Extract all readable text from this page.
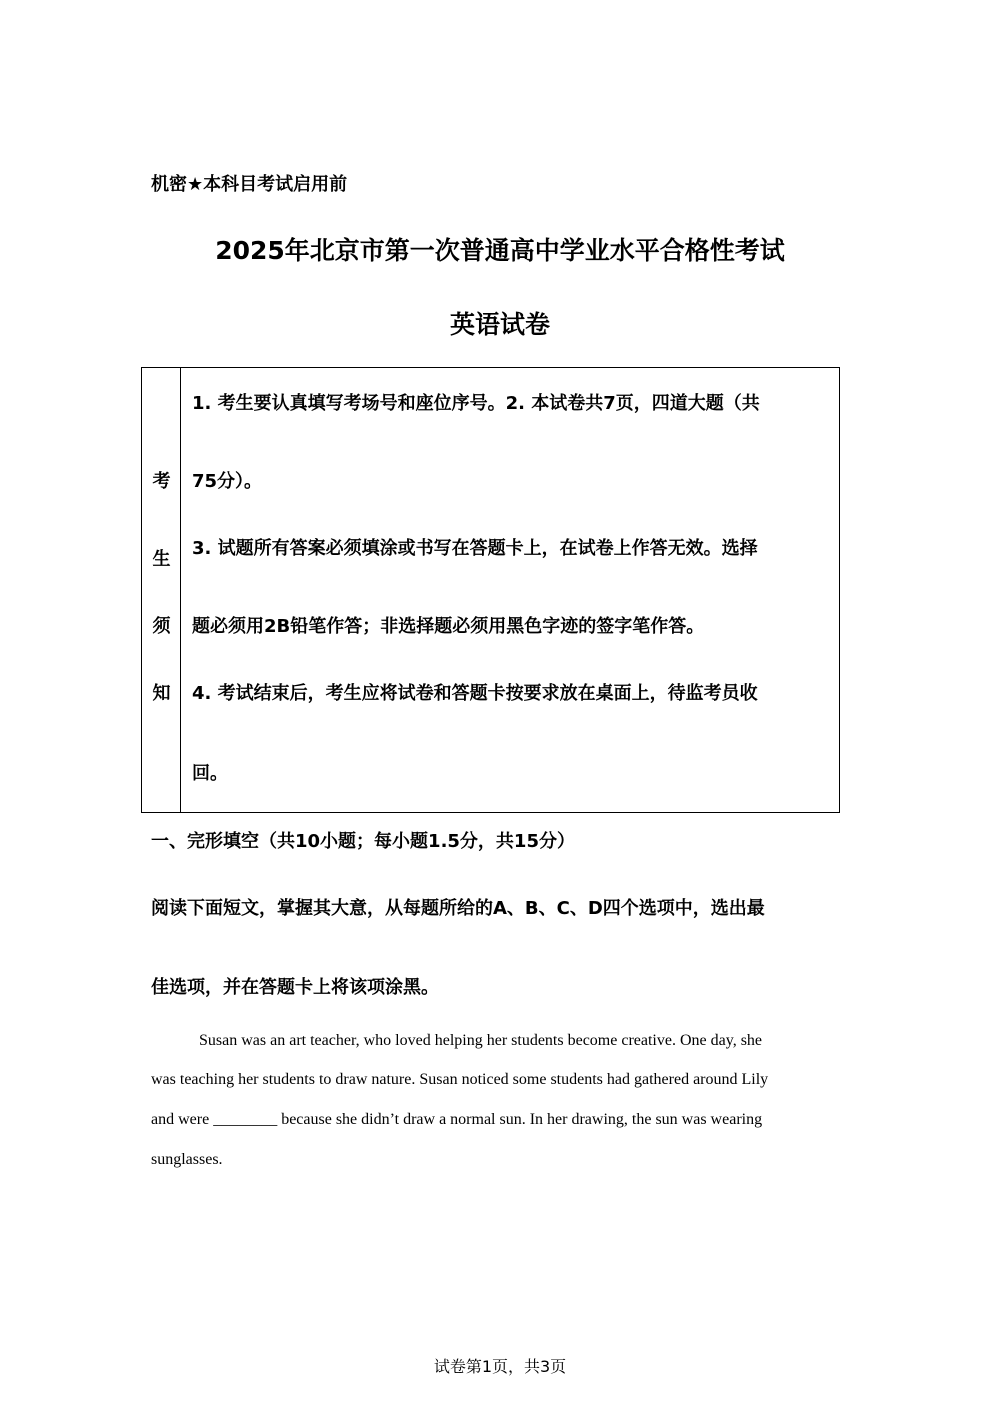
机密★本科目考试启用前
2025年北京市第一次普通高中学业水平合格性考试
英语试卷
考
生
须
知
1. 考生要认真填写考场号和座位序号。2. 本试卷共7页，四道大题（共
75分）。
3. 试题所有答案必须填涂或书写在答题卡上，在试卷上作答无效。选择
题必须用2B铅笔作答；非选择题必须用黑色字迹的签字笔作答。
4. 考试结束后，考生应将试卷和答题卡按要求放在桌面上，待监考员收
回。
一、完形填空（共10小题；每小题1.5分，共15分）
阅读下面短文，掌握其大意，从每题所给的A、B、C、D四个选项中，选出最
佳选项，并在答题卡上将该项涂黑。
Susan was an art teacher, who loved helping her students become creative. One day, she
was teaching her students to draw nature. Susan noticed some students had gathered around Lily
and were ________ because she didn’t draw a normal sun. In her drawing, the sun was wearing
sunglasses.
试卷第1页，共3页
